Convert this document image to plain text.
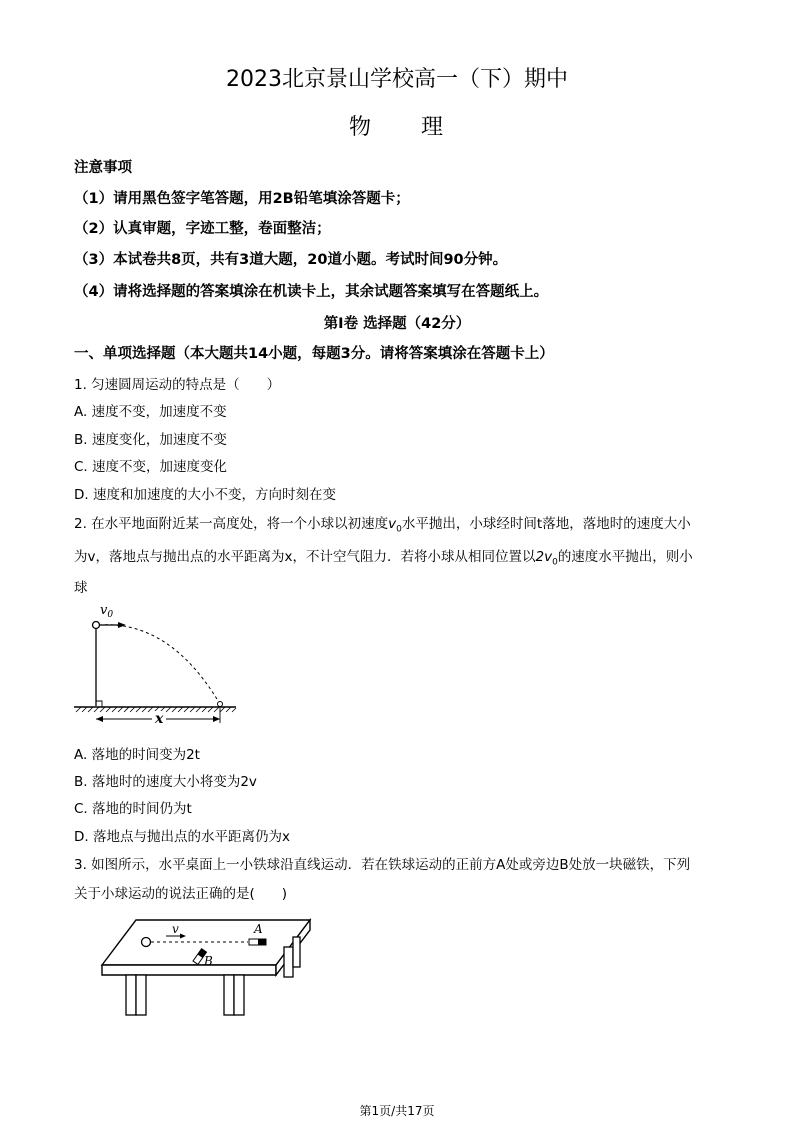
2023北京景山学校高一（下）期中
物　　理
注意事项
（1）请用黑色签字笔答题，用2B铅笔填涂答题卡；
（2）认真审题，字迹工整，卷面整洁；
（3）本试卷共8页，共有3道大题，20道小题。考试时间90分钟。
（4）请将选择题的答案填涂在机读卡上，其余试题答案填写在答题纸上。
第Ⅰ卷 选择题（42分）
一、单项选择题（本大题共14小题，每题3分。请将答案填涂在答题卡上）
1. 匀速圆周运动的特点是（　　）
A. 速度不变，加速度不变
B. 速度变化，加速度不变
C. 速度不变，加速度变化
D. 速度和加速度的大小不变，方向时刻在变
2. 在水平地面附近某一高度处，将一个小球以初速度$v_0$水平抛出，小球经时间t落地，落地时的速度大小
为v，落地点与抛出点的水平距离为x，不计空气阻力．若将小球从相同位置以$2v_0$的速度水平抛出，则小
球
$v_0$
x
A. 落地的时间变为2t
B. 落地时的速度大小将变为2v
C. 落地的时间仍为t
D. 落地点与抛出点的水平距离仍为x
3. 如图所示，水平桌面上一小铁球沿直线运动．若在铁球运动的正前方A处或旁边B处放一块磁铁，下列
关于小球运动的说法正确的是(　　)
v	A
B
第1页/共17页
